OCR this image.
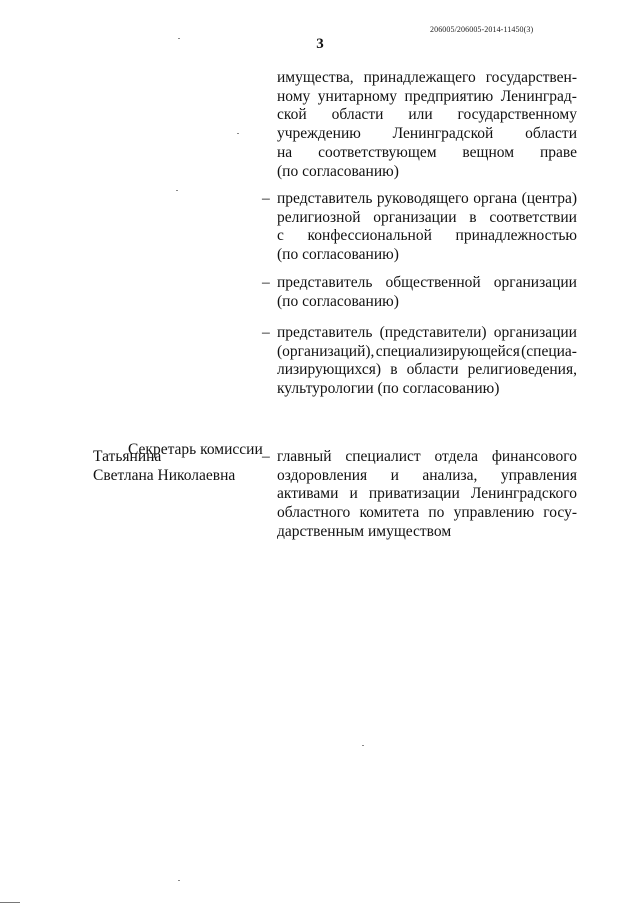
206005/206005-2014-11450(3)
3
имущества, принадлежащего государствен-
ному унитарному предприятию Ленинград-
ской области или государственному
учреждению Ленинградской области
на соответствующем вещном праве
(по согласованию)
– представитель руководящего органа (центра)
религиозной организации в соответствии
с конфессиональной принадлежностью
(по согласованию)
– представитель общественной организации
(по согласованию)
– представитель (представители) организации
(организаций), специализирующейся (специа-
лизирующихся) в области религиоведения,
культурологии (по согласованию)
Секретарь комиссии
Татьянина
Светлана Николаевна
– главный специалист отдела финансового
оздоровления и анализа, управления
активами и приватизации Ленинградского
областного комитета по управлению госу-
дарственным имуществом
